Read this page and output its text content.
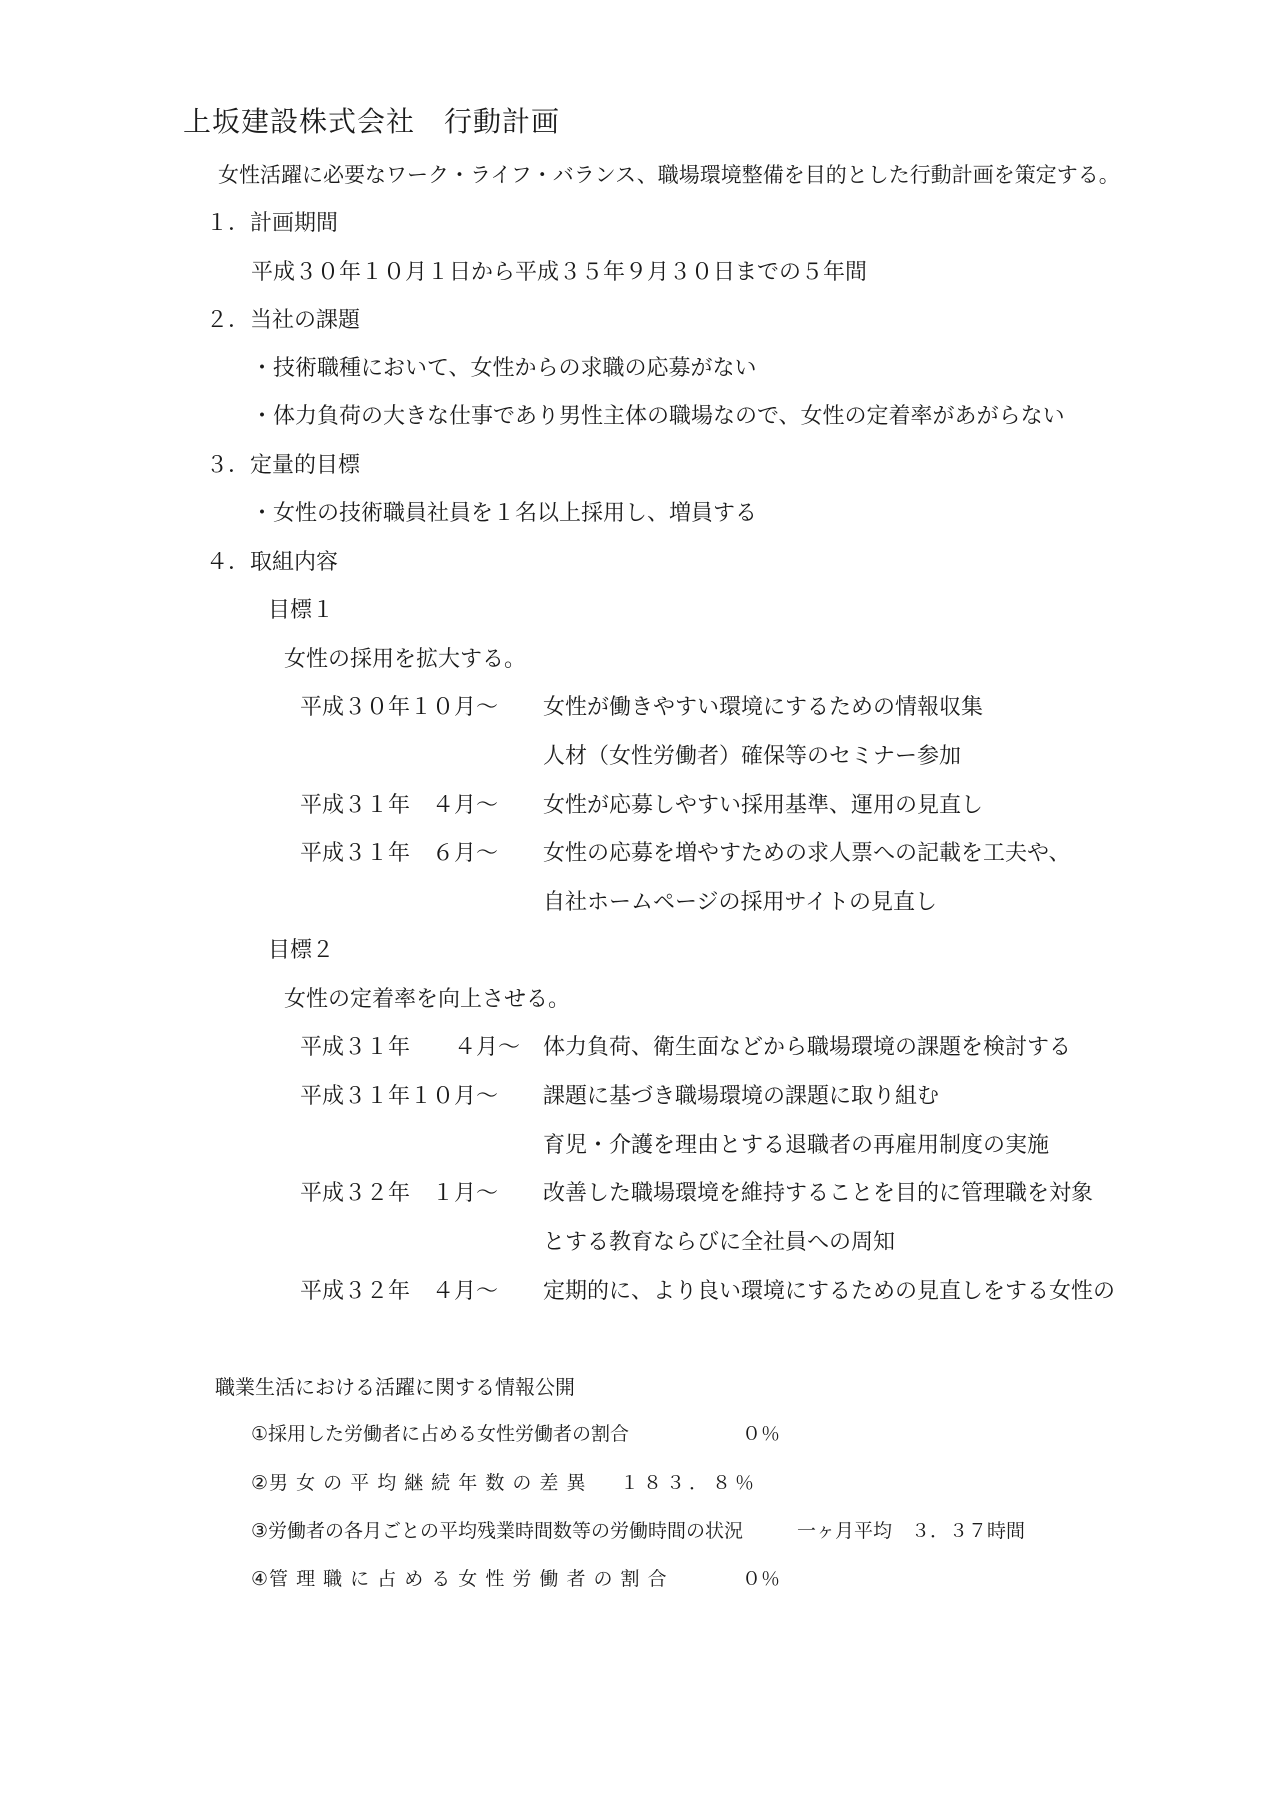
上坂建設株式会社　行動計画
女性活躍に必要なワーク・ライフ・バランス、職場環境整備を目的とした行動計画を策定する。
１．計画期間
平成３０年１０月１日から平成３５年９月３０日までの５年間
２．当社の課題
・技術職種において、女性からの求職の応募がない
・体力負荷の大きな仕事であり男性主体の職場なので、女性の定着率があがらない
３．定量的目標
・女性の技術職員社員を１名以上採用し、増員する
４．取組内容
目標１
女性の採用を拡大する。
平成３０年１０月～ 女性が働きやすい環境にするための情報収集
人材（女性労働者）確保等のセミナー参加
平成３１年　４月～ 女性が応募しやすい採用基準、運用の見直し
平成３１年　６月～ 女性の応募を増やすための求人票への記載を工夫や、
自社ホームページの採用サイトの見直し
目標２
女性の定着率を向上させる。
平成３１年　　４月～ 体力負荷、衛生面などから職場環境の課題を検討する
平成３１年１０月～ 課題に基づき職場環境の課題に取り組む
育児・介護を理由とする退職者の再雇用制度の実施
平成３２年　１月～ 改善した職場環境を維持することを目的に管理職を対象
とする教育ならびに全社員への周知
平成３２年　４月～ 定期的に、より良い環境にするための見直しをする女性の
職業生活における活躍に関する情報公開
①採用した労働者に占める女性労働者の割合	０％
②男 女 の 平 均 継 続 年 数 の 差 異 １８３．８％
③労働者の各月ごとの平均残業時間数等の労働時間の状況	一ヶ月平均　３．３７時間
④管 理 職 に 占 め る 女 性 労 働 者 の 割 合	０％
